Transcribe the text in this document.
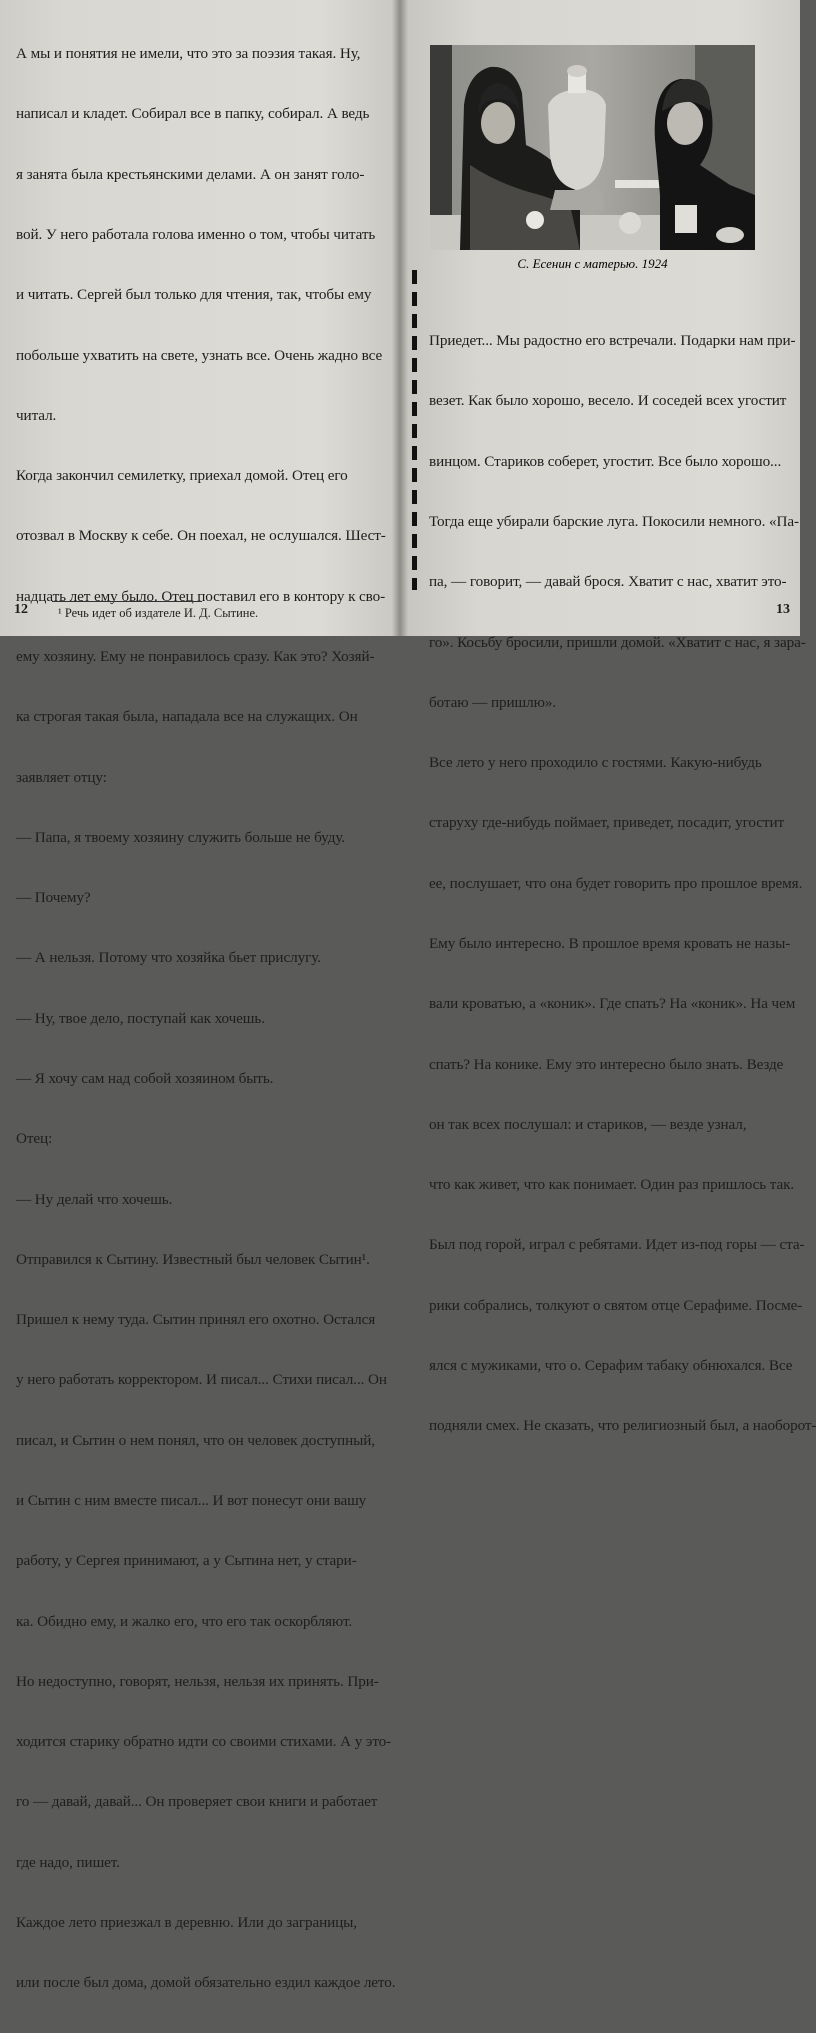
А мы и понятия не имели, что это за поэзия такая. Ну,

написал и кладет. Собирал все в папку, собирал. А ведь

я занята была крестьянскими делами. А он занят голо-

вой. У него работала голова именно о том, чтобы читать

и читать. Сергей был только для чтения, так, чтобы ему

побольше ухватить на свете, узнать все. Очень жадно все

читал.

Когда закончил семилетку, приехал домой. Отец его

отозвал в Москву к себе. Он поехал, не ослушался. Шест-

надцать лет ему было. Отец поставил его в контору к сво-

ему хозяину. Ему не понравилось сразу. Как это? Хозяй-

ка строгая такая была, нападала все на служащих. Он

заявляет отцу:

— Папа, я твоему хозяину служить больше не буду.

— Почему?

— А нельзя. Потому что хозяйка бьет прислугу.

— Ну, твое дело, поступай как хочешь.

— Я хочу сам над собой хозяином быть.

Отец:

— Ну делай что хочешь.

Отправился к Сытину. Известный был человек Сытин¹.

Пришел к нему туда. Сытин принял его охотно. Остался

у него работать корректором. И писал... Стихи писал... Он

писал, и Сытин о нем понял, что он человек доступный,

и Сытин с ним вместе писал... И вот понесут они вашу

работу, у Сергея принимают, а у Сытина нет, у стари-

ка. Обидно ему, и жалко его, что его так оскорбляют.

Но недоступно, говорят, нельзя, нельзя их принять. При-

ходится старику обратно идти со своими стихами. А у это-

го — давай, давай... Он проверяет свои книги и работает

где надо, пишет.

Каждое лето приезжал в деревню. Или до заграницы,

или после был дома, домой обязательно ездил каждое лето.

¹ Речь идет об издателе И. Д. Сытине.
12
С. Есенин с матерью. 1924

Приедет... Мы радостно его встречали. Подарки нам при-

везет. Как было хорошо, весело. И соседей всех угостит

винцом. Стариков соберет, угостит. Все было хорошо...

Тогда еще убирали барские луга. Покосили немного. «Па-

па, — говорит, — давай брося. Хватит с нас, хватит это-

го». Косьбу бросили, пришли домой. «Хватит с нас, я зара-

ботаю — пришлю».

Все лето у него проходило с гостями. Какую-нибудь

старуху где-нибудь поймает, приведет, посадит, угостит

ее, послушает, что она будет говорить про прошлое время.

Ему было интересно. В прошлое время кровать не назы-

вали кроватью, а «коник». Где спать? На «коник». На чем

спать? На конике. Ему это интересно было знать. Везде

он так всех послушал: и стариков, — везде узнал,

что как живет, что как понимает. Один раз пришлось так.

Был под горой, играл с ребятами. Идет из-под горы — ста-

рики собрались, толкуют о святом отце Серафиме. Посме-

ялся с мужиками, что о. Серафим табаку обнюхался. Все

подняли смех. Не сказать, что религиозный был, а наоборот-

13
